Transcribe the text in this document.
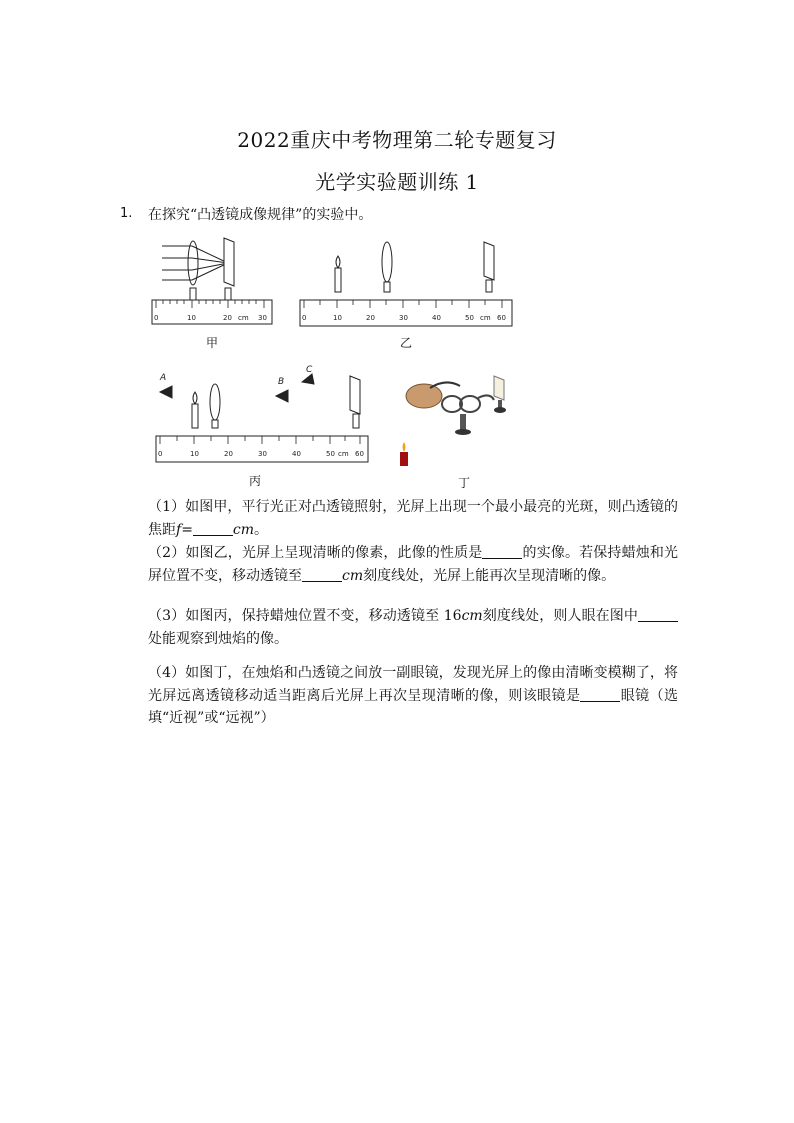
2022重庆中考物理第二轮专题复习
光学实验题训练 1
1. 在探究“凸透镜成像规律”的实验中。
0	10	20 cm 30
甲
0	10	20	30	40	50 cm 60
乙
A	B
C
0	10	20	30	40	50 cm 60
丙	丁
（1）如图甲，平行光正对凸透镜照射，光屏上出现一个最小最亮的光斑，则凸透镜的焦距f=	cm。
（2）如图乙，光屏上呈现清晰的像素，此像的性质是	的实像。若保持蜡烛和光屏位置不变，移动透镜至	cm刻度线处，光屏上能再次呈现清晰的像。
（3）如图丙，保持蜡烛位置不变，移动透镜至 16cm刻度线处，则人眼在图中处能观察到烛焰的像。
（4）如图丁，在烛焰和凸透镜之间放一副眼镜，发现光屏上的像由清晰变模糊了，将光屏远离透镜移动适当距离后光屏上再次呈现清晰的像，则该眼镜是	眼镜（选填“近视”或“远视”）
